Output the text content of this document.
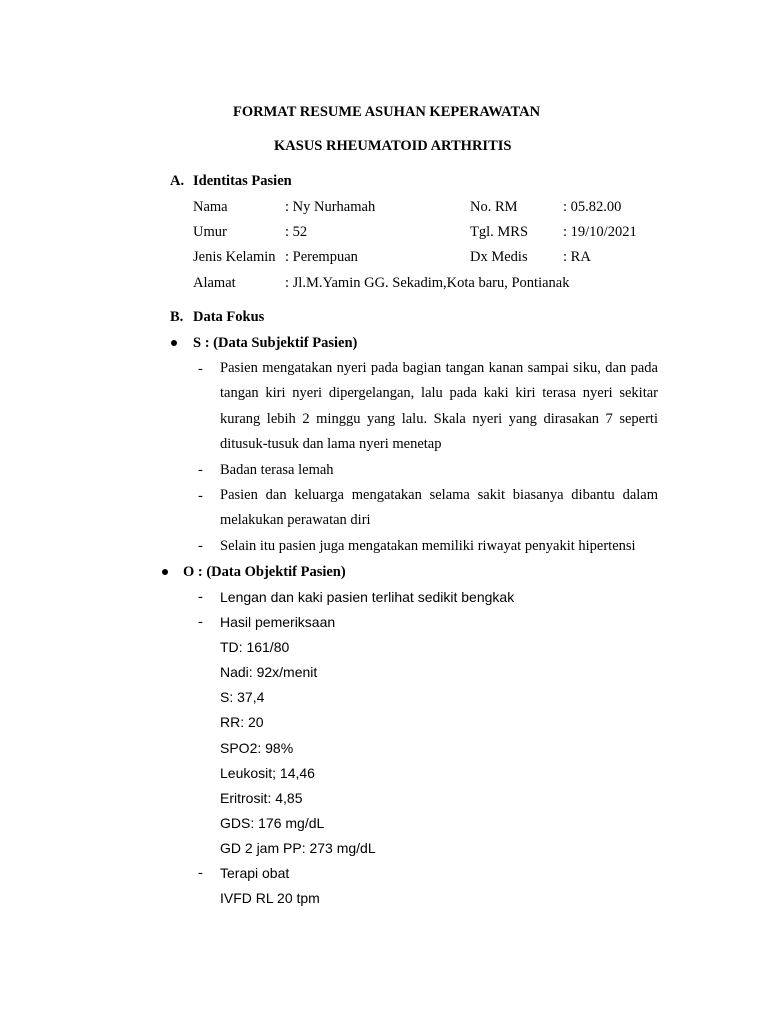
FORMAT RESUME ASUHAN KEPERAWATAN
KASUS RHEUMATOID ARTHRITIS
A. Identitas Pasien
Nama	: Ny Nurhamah	No. RM	: 05.82.00
Umur	: 52	Tgl. MRS : 19/10/2021
Jenis Kelamin : Perempuan	Dx Medis : RA
Alamat	: Jl.M.Yamin GG. Sekadim,Kota baru, Pontianak
B. Data Fokus
S : (Data Subjektif Pasien)
- Pasien mengatakan nyeri pada bagian tangan kanan sampai siku, dan pada tangan kiri nyeri dipergelangan, lalu pada kaki kiri terasa nyeri sekitar kurang lebih 2 minggu yang lalu. Skala nyeri yang dirasakan 7 seperti ditusuk-tusuk dan lama nyeri menetap
- Badan terasa lemah
- Pasien dan keluarga mengatakan selama sakit biasanya dibantu dalam melakukan perawatan diri
- Selain itu pasien juga mengatakan memiliki riwayat penyakit hipertensi
O : (Data Objektif Pasien)
- Lengan dan kaki pasien terlihat sedikit bengkak
- Hasil pemeriksaan
TD: 161/80
Nadi: 92x/menit
S: 37,4
RR: 20
SPO2: 98%
Leukosit; 14,46
Eritrosit: 4,85
GDS: 176 mg/dL
GD 2 jam PP: 273 mg/dL
- Terapi obat
IVFD RL 20 tpm
